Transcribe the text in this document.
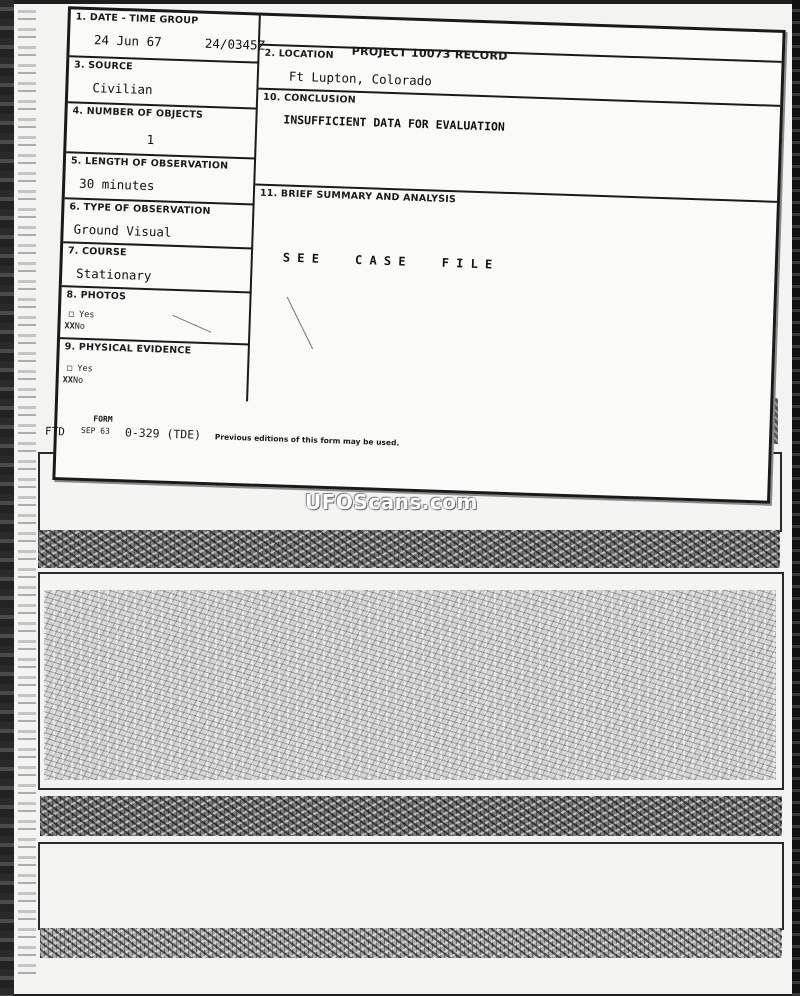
PROJECT 10073 RECORD
1. DATE - TIME GROUP
24 Jun 67	24/0345Z
3. SOURCE
Civilian
4. NUMBER OF OBJECTS
1
5. LENGTH OF OBSERVATION
30 minutes
6. TYPE OF OBSERVATION
Ground Visual
7. COURSE
Stationary
8. PHOTOS
□ Yes
XXNo
9. PHYSICAL EVIDENCE
□ Yes
XXNo
2. LOCATION
Ft Lupton, Colorado
10. CONCLUSION
INSUFFICIENT DATA FOR EVALUATION
11. BRIEF SUMMARY AND ANALYSIS
S E E     C A S E     F I L E
FORM
FTD SEP 63 0-329 (TDE) Previous editions of this form may be used.
UFOScans.com
